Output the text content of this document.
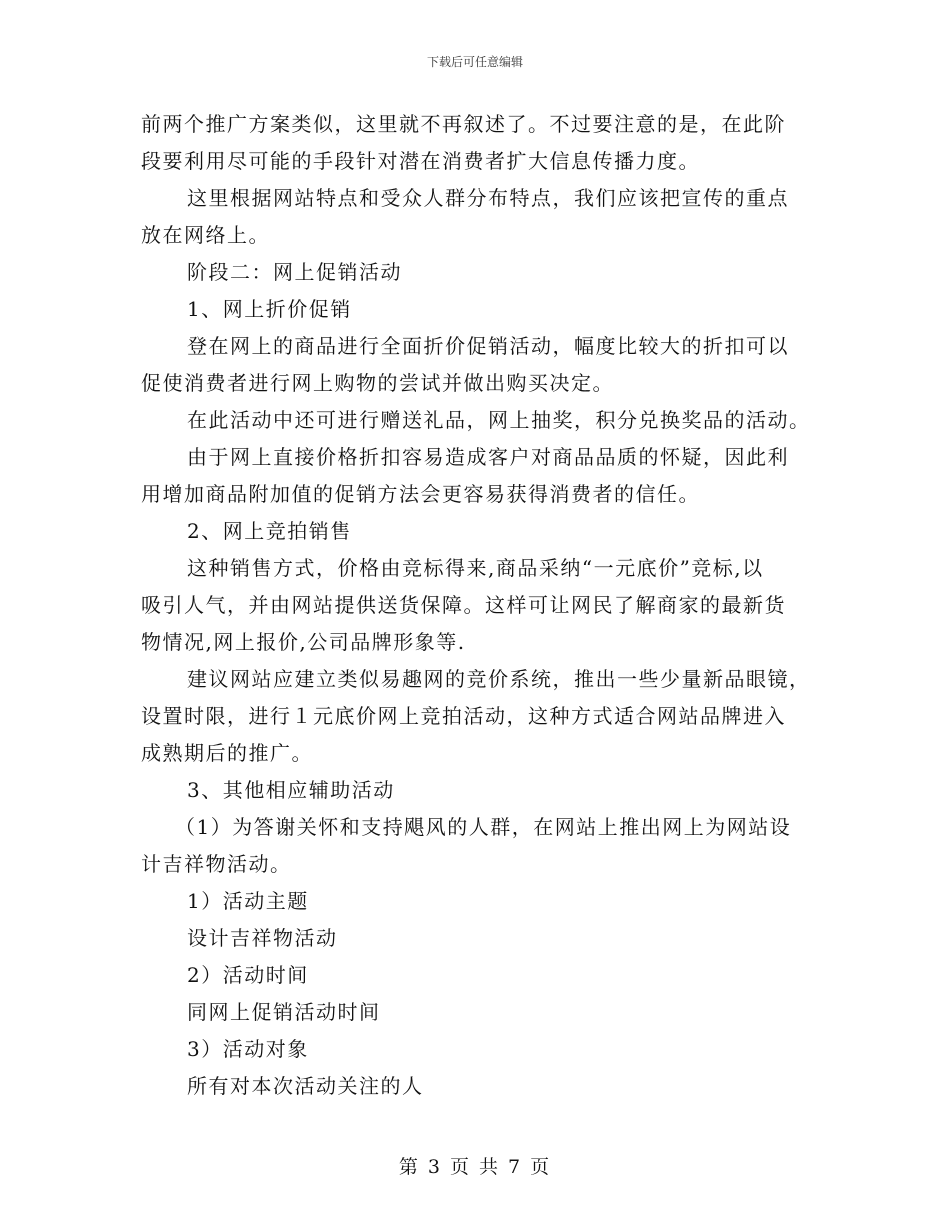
下载后可任意编辑

前两个推广方案类似，这里就不再叙述了。不过要注意的是，在此阶

段要利用尽可能的手段针对潜在消费者扩大信息传播力度。

这里根据网站特点和受众人群分布特点，我们应该把宣传的重点

放在网络上。

阶段二：网上促销活动

1、网上折价促销

登在网上的商品进行全面折价促销活动，幅度比较大的折扣可以

促使消费者进行网上购物的尝试并做出购买决定。

在此活动中还可进行赠送礼品，网上抽奖，积分兑换奖品的活动。

由于网上直接价格折扣容易造成客户对商品品质的怀疑，因此利

用增加商品附加值的促销方法会更容易获得消费者的信任。

2、网上竞拍销售

这种销售方式，价格由竞标得来,商品采纳“一元底价”竞标,以

吸引人气，并由网站提供送货保障。这样可让网民了解商家的最新货

物情况,网上报价,公司品牌形象等.

建议网站应建立类似易趣网的竞价系统，推出一些少量新品眼镜，

设置时限，进行１元底价网上竞拍活动，这种方式适合网站品牌进入

成熟期后的推广。

3、其他相应辅助活动

（1）为答谢关怀和支持飓风的人群，在网站上推出网上为网站设

计吉祥物活动。

1）活动主题

设计吉祥物活动

2）活动时间

同网上促销活动时间

3）活动对象

所有对本次活动关注的人

第 3 页 共 7 页
